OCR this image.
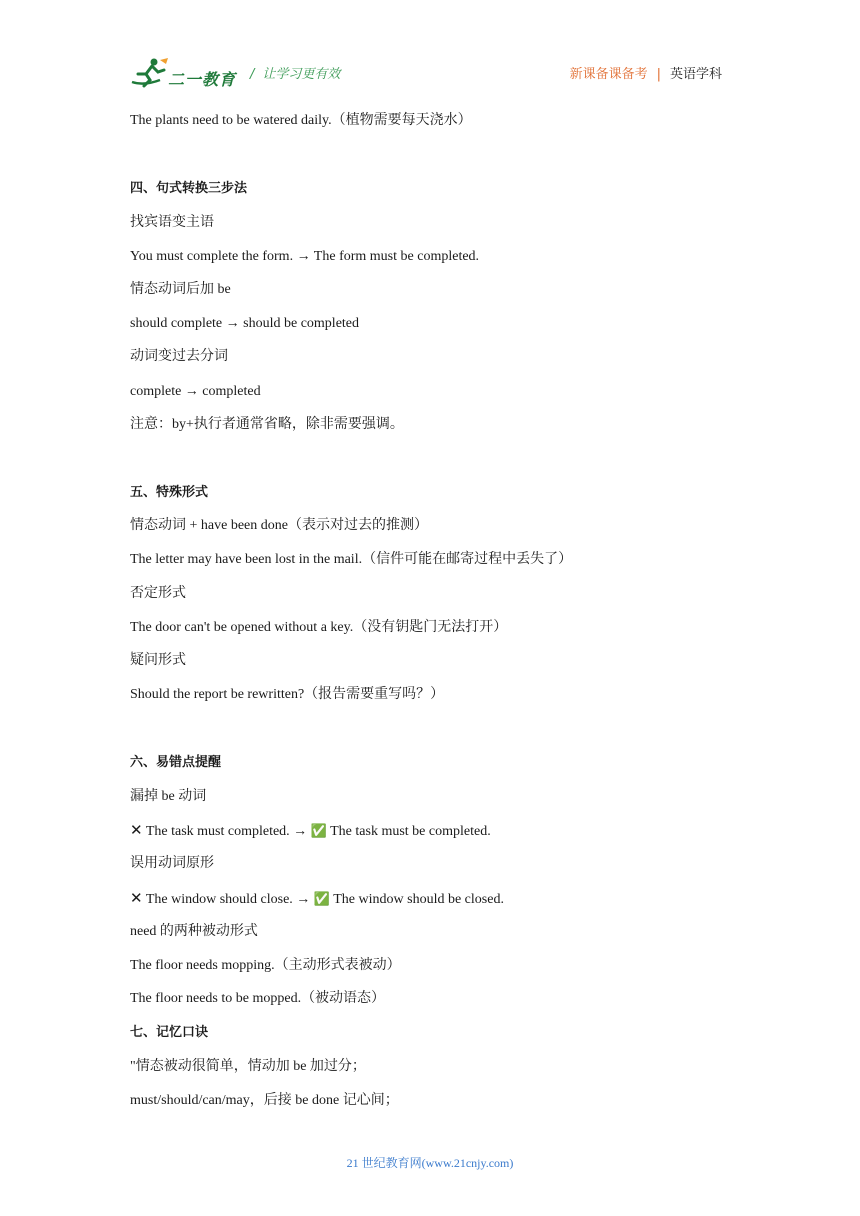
二一教育 / 让学习更有效	新课备课备考 | 英语学科
The plants need to be watered daily.（植物需要每天浇水）
四、句式转换三步法
找宾语变主语
You must complete the form. → The form must be completed.
情态动词后加 be
should complete → should be completed
动词变过去分词
complete → completed
注意：by+执行者通常省略，除非需要强调。
五、特殊形式
情态动词 + have been done（表示对过去的推测）
The letter may have been lost in the mail.（信件可能在邮寄过程中丢失了）
否定形式
The door can't be opened without a key.（没有钥匙门无法打开）
疑问形式
Should the report be rewritten?（报告需要重写吗？）
六、易错点提醒
漏掉 be 动词
✕ The task must completed. → ✅ The task must be completed.
误用动词原形
✕ The window should close. → ✅ The window should be closed.
need 的两种被动形式
The floor needs mopping.（主动形式表被动）
The floor needs to be mopped.（被动语态）
七、记忆口诀
"情态被动很简单，情动加 be 加过分；
must/should/can/may，后接 be done 记心间；
21 世纪教育网(www.21cnjy.com)
